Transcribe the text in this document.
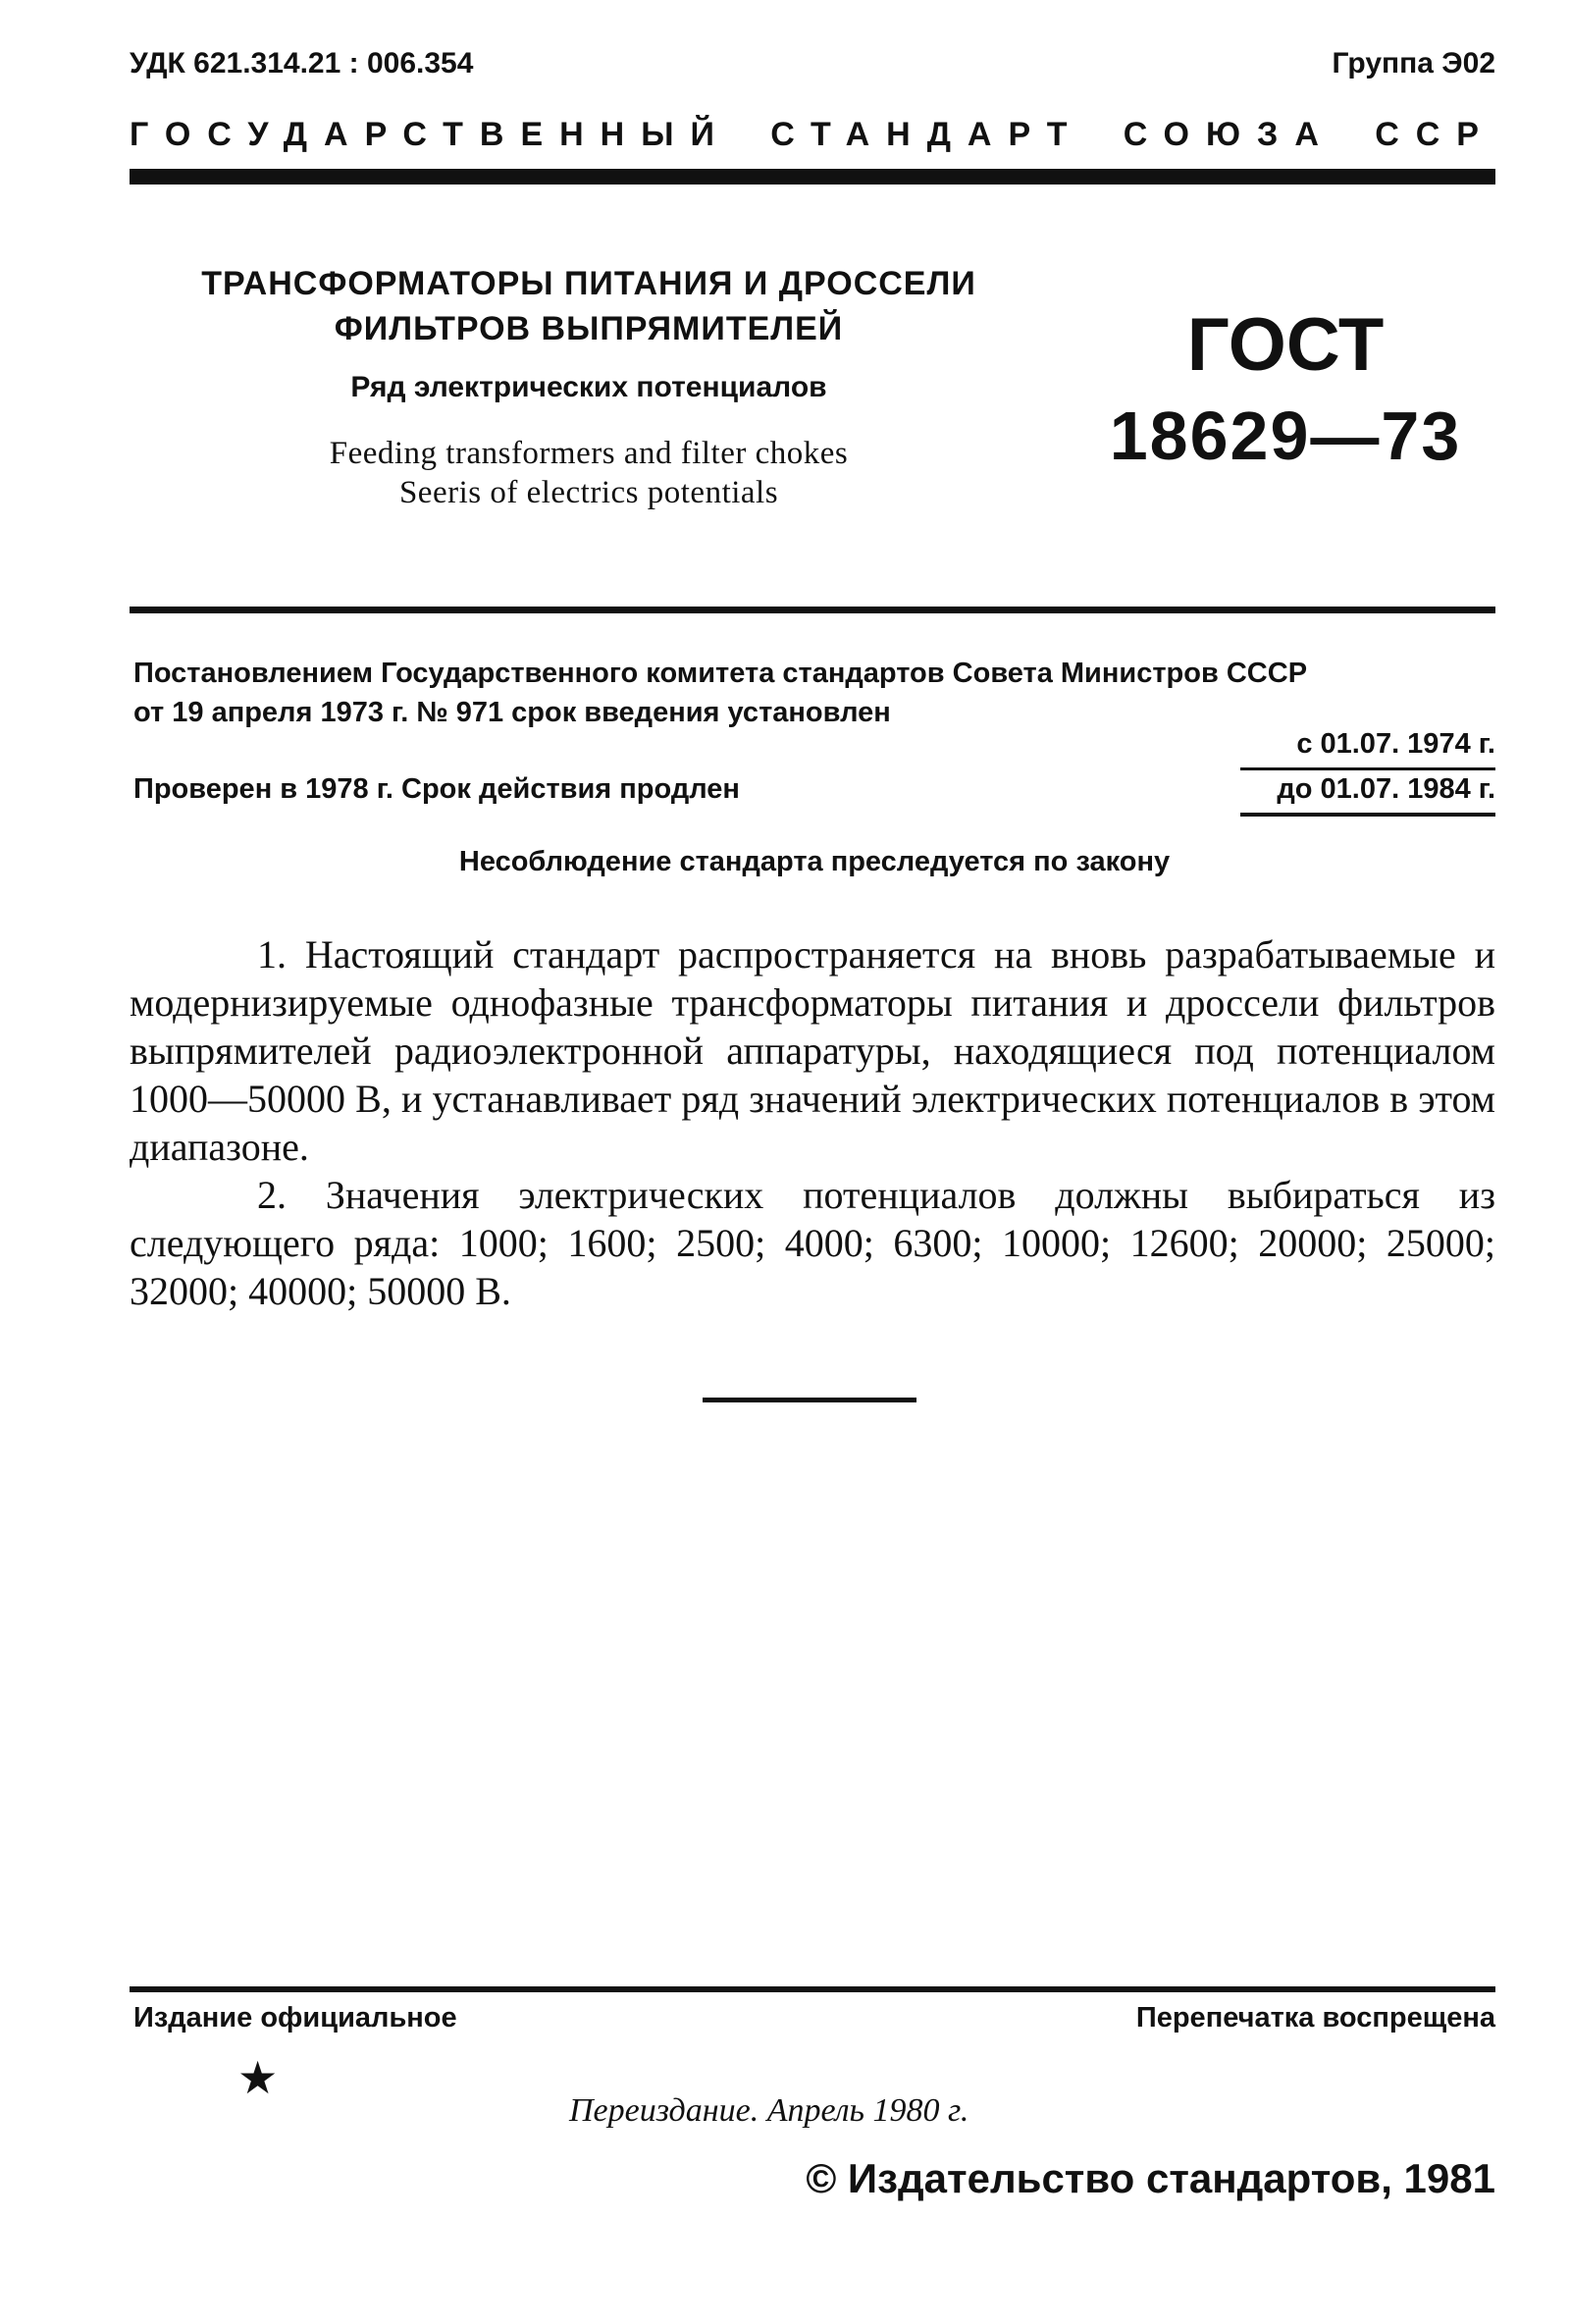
УДК 621.314.21 : 006.354	Группа Э02
ГОСУДАРСТВЕННЫЙ СТАНДАРТ СОЮЗА ССР
ТРАНСФОРМАТОРЫ ПИТАНИЯ И ДРОССЕЛИ
ФИЛЬТРОВ ВЫПРЯМИТЕЛЕЙ
Ряд электрических потенциалов
Feeding transformers and filter chokes
Seeris of electrics potentials
ГОСТ
18629—73
Постановлением Государственного комитета стандартов Совета Министров СССР
от 19 апреля 1973 г. № 971 срок введения установлен
с 01.07. 1974 г.
Проверен в 1978 г. Срок действия продлен	до 01.07. 1984 г.
Несоблюдение стандарта преследуется по закону

1. Настоящий стандарт распространяется на вновь разрабатываемые и модернизируемые однофазные трансформаторы питания и дроссели фильтров выпрямителей радиоэлектронной аппаратуры, находящиеся под потенциалом 1000—50000 В, и устанавливает ряд значений электрических потенциалов в этом диапазоне.

2. Значения электрических потенциалов должны выбираться из следующего ряда: 1000; 1600; 2500; 4000; 6300; 10000; 12600; 20000; 25000; 32000; 40000; 50000 В.

Издание официальное	Перепечатка воспрещена
★
Переиздание. Апрель 1980 г.
© Издательство стандартов, 1981
